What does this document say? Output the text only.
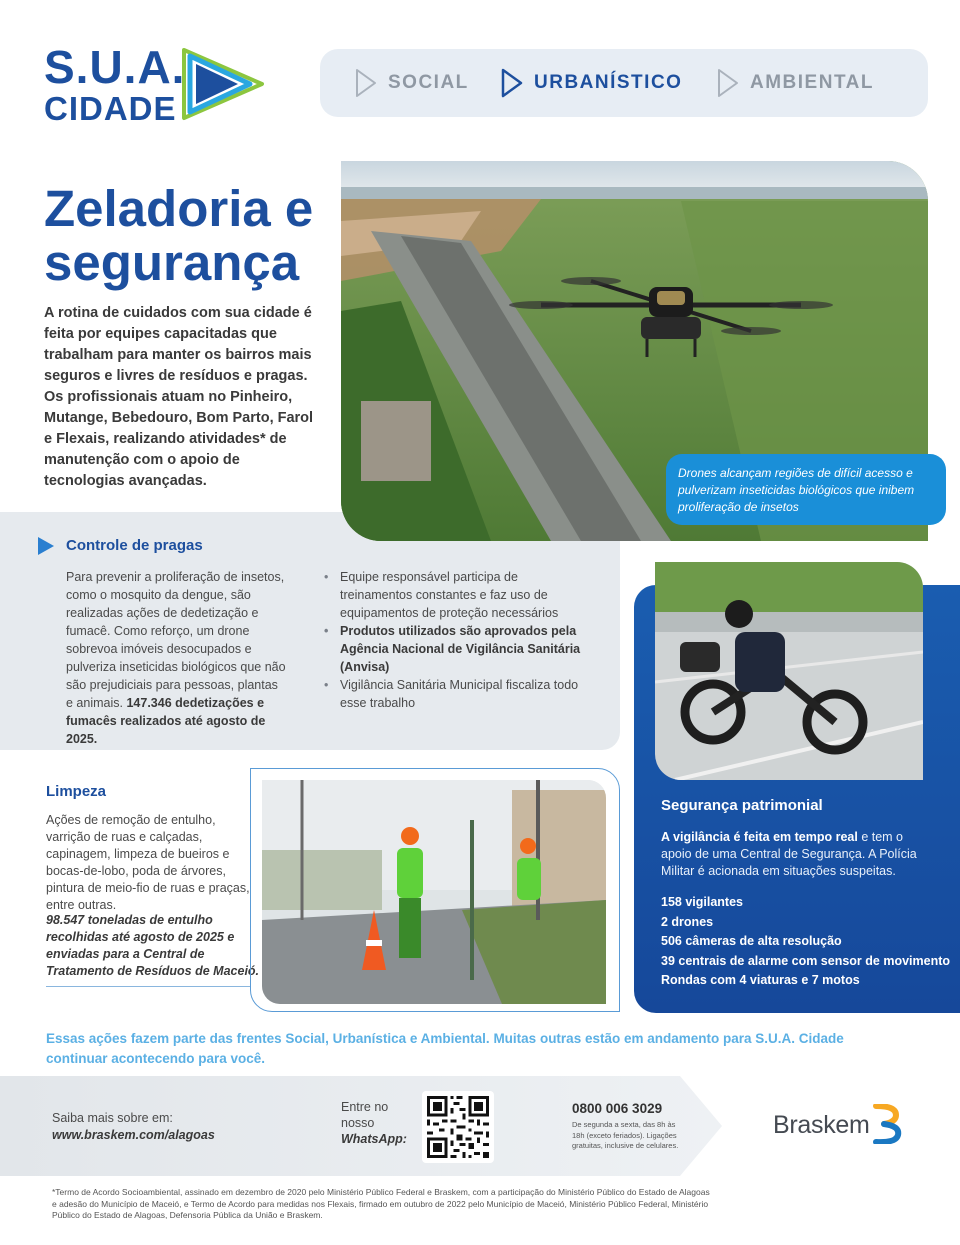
S.U.A.
CIDADE
SOCIAL	URBANÍSTICO	AMBIENTAL
Zeladoria e segurança
A rotina de cuidados com sua cidade é feita por equipes capacitadas que trabalham para manter os bairros mais seguros e livres de resíduos e pragas. Os profissionais atuam no Pinheiro, Mutange, Bebedouro, Bom Parto, Farol e Flexais, realizando atividades* de manutenção com o apoio de tecnologias avançadas.	Drones alcançam regiões de difícil acesso e pulverizam inseticidas biológicos que inibem proliferação de insetos
Controle de pragas
Para prevenir a proliferação de insetos, como o mosquito da dengue, são realizadas ações de dedetização e fumacê. Como reforço, um drone sobrevoa imóveis desocupados e pulveriza inseticidas biológicos que não são prejudiciais para pessoas, plantas e animais. 147.346 dedetizações e fumacês realizados até agosto de 2025.
• Equipe responsável participa de treinamentos constantes e faz uso de equipamentos de proteção necessários
• Produtos utilizados são aprovados pela Agência Nacional de Vigilância Sanitária (Anvisa)
• Vigilância Sanitária Municipal fiscaliza todo esse trabalho
Limpeza
Ações de remoção de entulho, varrição de ruas e calçadas, capinagem, limpeza de bueiros e bocas-de-lobo, poda de árvores, pintura de meio-fio de ruas e praças, entre outras.
98.547 toneladas de entulho recolhidas até agosto de 2025 e enviadas para a Central de Tratamento de Resíduos de Maceió.
Segurança patrimonial
A vigilância é feita em tempo real e tem o apoio de uma Central de Segurança. A Polícia Militar é acionada em situações suspeitas.
158 vigilantes
2 drones
506 câmeras de alta resolução
39 centrais de alarme com sensor de movimento
Rondas com 4 viaturas e 7 motos
Essas ações fazem parte das frentes Social, Urbanística e Ambiental. Muitas outras estão em andamento para S.U.A. Cidade continuar acontecendo para você.
Saiba mais sobre em:
www.braskem.com/alagoas
Entre no nosso WhatsApp:
0800 006 3029
De segunda a sexta, das 8h às 18h (exceto feriados). Ligações gratuitas, inclusive de celulares.
Braskem
*Termo de Acordo Socioambiental, assinado em dezembro de 2020 pelo Ministério Público Federal e Braskem, com a participação do Ministério Público do Estado de Alagoas e adesão do Município de Maceió, e Termo de Acordo para medidas nos Flexais, firmado em outubro de 2022 pelo Município de Maceió, Ministério Público Federal, Ministério Público do Estado de Alagoas, Defensoria Pública da União e Braskem.
